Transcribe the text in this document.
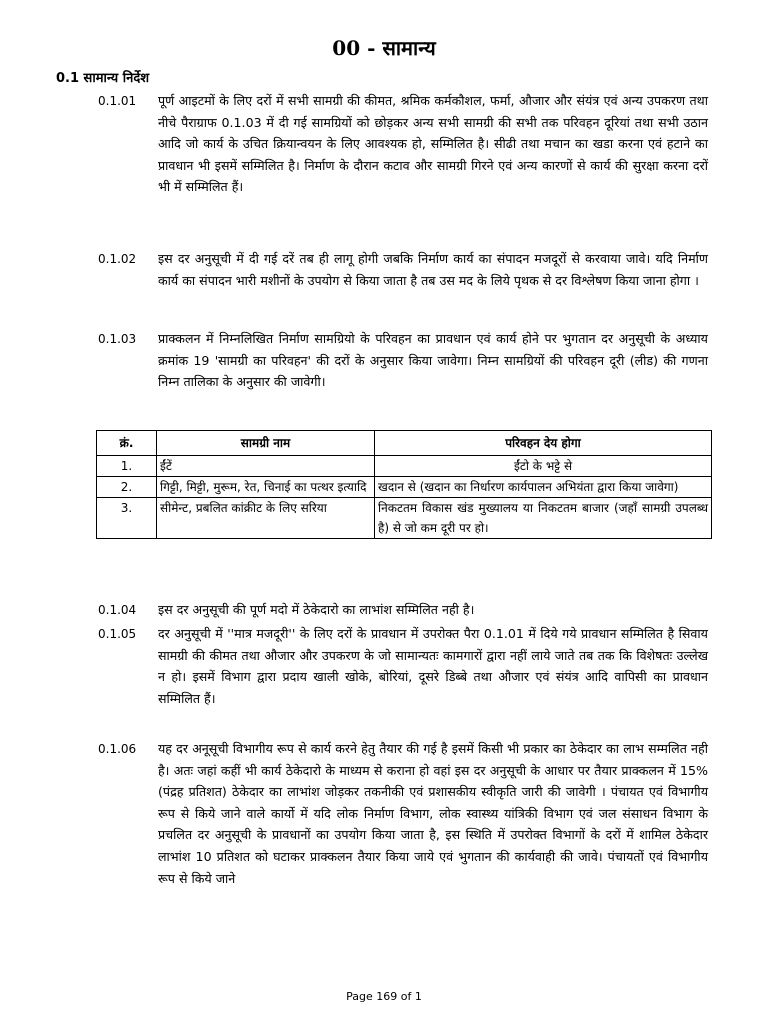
00 - सामान्य
0.1 सामान्य निर्देश
0.1.01 पूर्ण आइटमों के लिए दरों में सभी सामग्री की कीमत, श्रमिक कर्मकौशल, फर्मा, औजार और संयंत्र एवं अन्य उपकरण तथा नीचे पैराग्राफ 0.1.03 में दी गई सामग्रियों को छोड़कर अन्य सभी सामग्री की सभी तक परिवहन दूरियां तथा सभी उठान आदि जो कार्य के उचित क्रियान्वयन के लिए आवश्यक हो, सम्मिलित है। सीढी तथा मचान का खडा करना एवं हटाने का प्रावधान भी इसमें सम्मिलित है। निर्माण के दौरान कटाव और सामग्री गिरने एवं अन्य कारणों से कार्य की सुरक्षा करना दरों भी में सम्मिलित हैं।
0.1.02 इस दर अनुसूची में दी गई दरें तब ही लागू होगी जबकि निर्माण कार्य का संपादन मजदूरों से करवाया जावे। यदि निर्माण कार्य का संपादन भारी मशीनों के उपयोग से किया जाता है तब उस मद के लिये पृथक से दर विश्लेषण किया जाना होगा ।
0.1.03 प्राक्कलन में निम्नलिखित निर्माण सामग्रियो के परिवहन का प्रावधान एवं कार्य होने पर भुगतान दर अनुसूची के अध्याय क्रमांक 19 'सामग्री का परिवहन' की दरों के अनुसार किया जावेगा। निम्न सामग्रियों की परिवहन दूरी (लीड) की गणना निम्न तालिका के अनुसार की जावेगी।
क्रं.	सामग्री नाम	परिवहन देय होगा
1.	ईंटें	ईंटो के भट्टे से
2.	गिट्टी, मिट्टी, मुरूम, रेत, चिनाई का पत्थर इत्यादि	खदान से (खदान का निर्धारण कार्यपालन अभियंता द्वारा किया जावेगा)
3.	सीमेन्ट, प्रबलित कांक्रीट के लिए सरिया	निकटतम विकास खंड मुख्यालय या निकटतम बाजार (जहॉं सामग्री उपलब्ध है) से जो कम दूरी पर हो।
0.1.04 इस दर अनुसूची की पूर्ण मदो में ठेकेदारो का लाभांश सम्मिलित नही है।
0.1.05 दर अनुसूची में ''मात्र मजदूरी'' के लिए दरों के प्रावधान में उपरोक्त पैरा 0.1.01 में दिये गये प्रावधान सम्मिलित है सिवाय सामग्री की कीमत तथा औजार और उपकरण के जो सामान्यतः कामगारों द्वारा नहीं लाये जाते तब तक कि विशेषतः उल्लेख न हो। इसमें विभाग द्वारा प्रदाय खाली खोके, बोरियां, दूसरे डिब्बे तथा औजार एवं संयंत्र आदि वापिसी का प्रावधान सम्मिलित हैं।
0.1.06 यह दर अनूसूची विभागीय रूप से कार्य करने हेतु तैयार की गई है इसमें किसी भी प्रकार का ठेकेदार का लाभ सम्मलित नही है। अतः जहां कहीं भी कार्य ठेकेदारो के माध्यम से कराना हो वहां इस दर अनुसूची के आधार पर तैयार प्राक्कलन में 15% (पंद्रह प्रतिशत) ठेकेदार का लाभांश जोड़कर तकनीकी एवं प्रशासकीय स्वीकृति जारी की जावेगी । पंचायत एवं विभागीय रूप से किये जाने वाले कार्यो में यदि लोक निर्माण विभाग, लोक स्वास्थ्य यांत्रिकी विभाग एवं जल संसाधन विभाग के प्रचलित दर अनुसूची के प्रावधानों का उपयोग किया जाता है, इस स्थिति में उपरोक्त विभागों के दरों में शामिल ठेकेदार लाभांश 10 प्रतिशत को घटाकर प्राक्कलन तैयार किया जाये एवं भुगतान की कार्यवाही की जावे। पंचायतों एवं विभागीय रूप से किये जाने
Page 169 of 1
